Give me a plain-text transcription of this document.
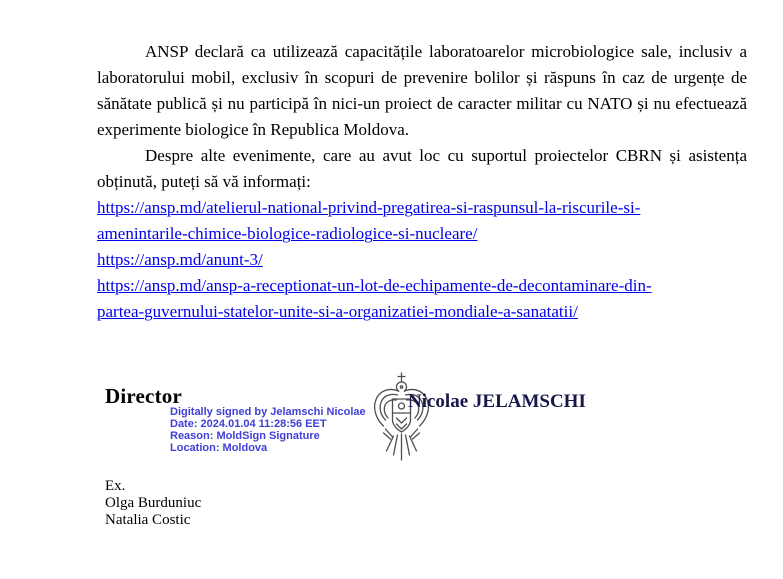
ANSP declară ca utilizează capacitățile laboratoarelor microbiologice sale, inclusiv a laboratorului mobil, exclusiv în scopuri de prevenire bolilor și răspuns în caz de urgențe de sănătate publică și nu participă în nici-un proiect de caracter militar cu NATO și nu efectuează experimente biologice în Republica Moldova.

Despre alte evenimente, care au avut loc cu suportul proiectelor CBRN și asistența obținută, puteți să vă informați:

https://ansp.md/atelierul-national-privind-pregatirea-si-raspunsul-la-riscurile-si-
amenintarile-chimice-biologice-radiologice-si-nucleare/
https://ansp.md/anunt-3/
https://ansp.md/ansp-a-receptionat-un-lot-de-echipamente-de-decontaminare-din-
partea-guvernului-statelor-unite-si-a-organizatiei-mondiale-a-sanatatii/
Director
Digitally signed by Jelamschi Nicolae
Date: 2024.01.04 11:28:56 EET
Reason: MoldSign Signature
Location: Moldova
Nicolae JELAMSCHI
Ex.
Olga Burduniuc
Natalia Costic
